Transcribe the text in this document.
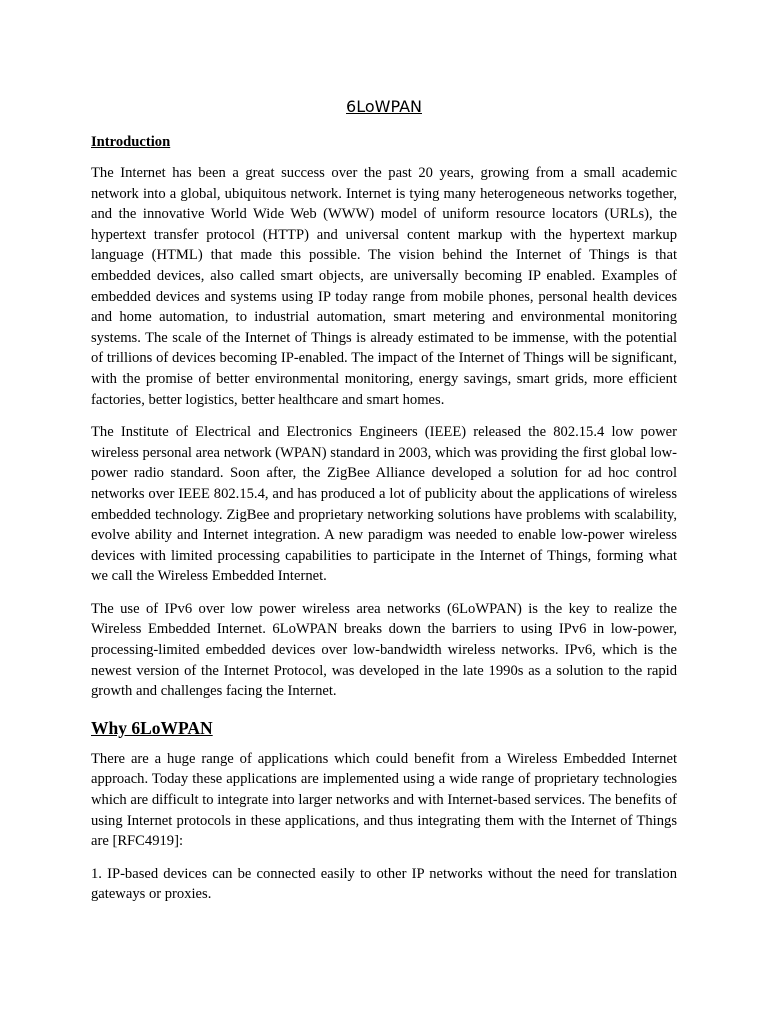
6LoWPAN
Introduction

The Internet has been a great success over the past 20 years, growing from a small academic network into a global, ubiquitous network. Internet is tying many heterogeneous networks together, and the innovative World Wide Web (WWW) model of uniform resource locators (URLs), the hypertext transfer protocol (HTTP) and universal content markup with the hypertext markup language (HTML) that made this possible. The vision behind the Internet of Things is that embedded devices, also called smart objects, are universally becoming IP enabled. Examples of embedded devices and systems using IP today range from mobile phones, personal health devices and home automation, to industrial automation, smart metering and environmental monitoring systems. The scale of the Internet of Things is already estimated to be immense, with the potential of trillions of devices becoming IP-enabled. The impact of the Internet of Things will be significant, with the promise of better environmental monitoring, energy savings, smart grids, more efficient factories, better logistics, better healthcare and smart homes.

The Institute of Electrical and Electronics Engineers (IEEE) released the 802.15.4 low power wireless personal area network (WPAN) standard in 2003, which was providing the first global low-power radio standard. Soon after, the ZigBee Alliance developed a solution for ad hoc control networks over IEEE 802.15.4, and has produced a lot of publicity about the applications of wireless embedded technology. ZigBee and proprietary networking solutions have problems with scalability, evolve ability and Internet integration. A new paradigm was needed to enable low-power wireless devices with limited processing capabilities to participate in the Internet of Things, forming what we call the Wireless Embedded Internet.

The use of IPv6 over low power wireless area networks (6LoWPAN) is the key to realize the Wireless Embedded Internet. 6LoWPAN breaks down the barriers to using IPv6 in low-power, processing-limited embedded devices over low-bandwidth wireless networks. IPv6, which is the newest version of the Internet Protocol, was developed in the late 1990s as a solution to the rapid growth and challenges facing the Internet.

Why 6LoWPAN

There are a huge range of applications which could benefit from a Wireless Embedded Internet approach. Today these applications are implemented using a wide range of proprietary technologies which are difficult to integrate into larger networks and with Internet-based services. The benefits of using Internet protocols in these applications, and thus integrating them with the Internet of Things are [RFC4919]:

1. IP-based devices can be connected easily to other IP networks without the need for translation gateways or proxies.
